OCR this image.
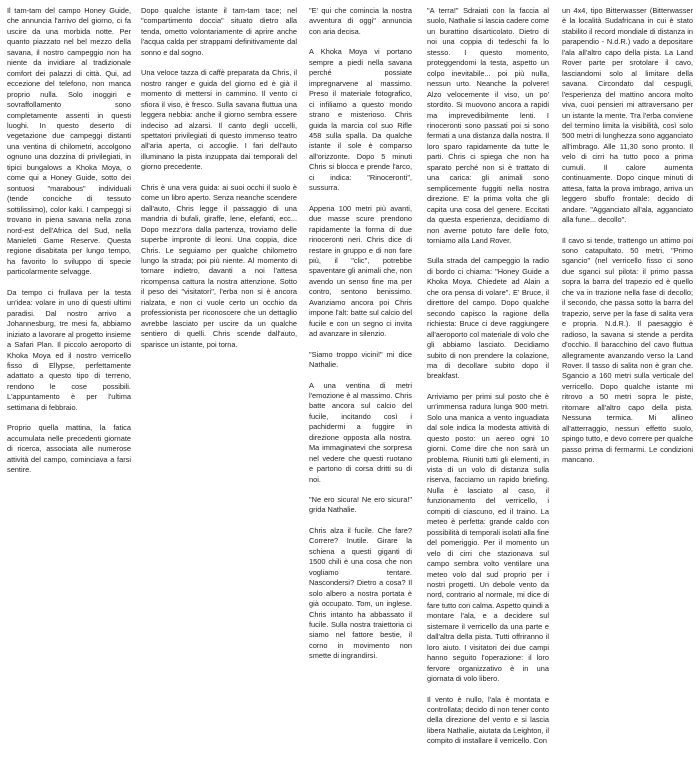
Il tam-tam del campo Honey Guide, che annuncia l'arrivo del giorno, ci fa uscire da una morbida notte. Per quanto piazzato nel bel mezzo della savana, il nostro campeggio non ha niente da invidiare al tradizionale comfort dei palazzi di città. Qui, ad eccezione del telefono, non manca proprio nulla. Solo inoggiri e sovraffollamento sono completamente assenti in questi luoghi. In questo deserto di vegetazione due campeggi distanti una ventina di chilometri, accolgono ognuno una dozzina di privilegiati, in tipici bungalows a Khoka Moya, o come qui a Honey Guide, sotto dei sontuosi "marabous" individuali (tende conciche di tessuto sottilissimo), color kaki. I campeggi si trovano in piena savana nella zona nord-est dell'Africa del Sud, nella Manieleti Game Reserve. Questa regione disabitata per lungo tempo, ha favorito lo sviluppo di specie particolarmente selvagge.

Da tempo ci frullava per la testa un'idea: volare in uno di questi ultimi paradisi. Dal nostro arrivo a Johannesburg, tre mesi fa, abbiamo iniziato a lavorare al progetto insieme a Safari Plan. Il piccolo aeroporto di Khoka Moya ed il nostro verricello fisso di Ellypse, perfettamente adattato a questo tipo di terreno, rendono le cose possibili. L'appuntamento è per l'ultima settimana di febbraio.

Proprio quella mattina, la fatica accumulata nelle precedenti giornate di ricerca, associata alle numerose attività del campo, cominciava a farsi sentire.

Dopo qualche istante il tam-tam tace; nel "compartimento doccia" situato dietro alla tenda, ometto volontariamente di aprire anche l'acqua calda per strappami definitivamente dal sonno e dal sogno.

Una veloce tazza di caffè preparata da Chris, il nostro ranger e guida del giorno ed è già il momento di mettersi in cammino. Il vento ci sfiora il viso, è fresco. Sulla savana fluttua una leggera nebbia: anche il giorno sembra essere indeciso ad alzarsi. Il canto degli uccelli, spettatori privilegiati di questo immenso teatro all'aria aperta, ci accoglie. I fari dell'auto illuminano la pista inzuppata dai temporali del giorno precedente.

Chris è una vera guida: ai suoi occhi il suolo è come un libro aperto. Senza neanche scendere dall'auto, Chris legge il passaggio di una mandria di bufali, giraffe, lene, elefanti, ecc... Dopo mezz'ora dalla partenza, troviamo delle superbe impronte di leoni. Una coppia, dice Chris. Le seguiamo per qualche chilometro lungo la strada; poi più niente. Al momento di tornare indietro, davanti a noi l'attesa ricompensa cattura la nostra attenzione. Sotto il peso dei "visitatori", l'erba non si è ancora rialzata, e non ci vuole certo un occhio da professionista per riconoscere che un dettaglio avrebbe lasciato per uscire da un qualche sentiero di quelli. Chris scende dall'auto, sparisce un istante, poi torna.

"E' qui che comincia la nostra avventura di oggi" annuncia con aria decisa.

A Khoka Moya vi portano sempre a piedi nella savana perché possiate impregnarvene al massimo. Preso il materiale fotografico, ci infiliamo a questo mondo strano e misterioso. Chris guida la marcia col suo Rifle 458 sulla spalla. Da qualche istante il sole è comparso all'orizzonte. Dopo 5 minuti Chris si blocca e prende l'arco, ci indica: "Rinoceronti", sussurra.

Appena 100 metri più avanti, due masse scure prendono rapidamente la forma di due rinoceronti neri. Chris dice di restare in gruppo e di non fare più, il "clic", potrebbe spaventare gli animali che, non avendo un senso fine ma per contro, sentono benissimo. Avanziamo ancora poi Chris impone l'alt: batte sul calcio del fucile e con un segno ci invita ad avanzare in silenzio.

"Siamo troppo vicini!" mi dice Nathalie.

A una ventina di metri l'emozione è al massimo. Chris batte ancora sul calcio del fucile, incitando così i pachidermi a fuggire in direzione opposta alla nostra. Ma immaginatevi che sorpresa nel vedere che questi ruotano e partono di corsa dritti su di noi.

"Ne ero sicura! Ne ero sicura!" grida Nathalie.

Chris alza il fucile. Che fare? Correre? Inutile. Girare la schiena a questi giganti di 1500 chili è una cosa che non vogliamo tentare. Nascondersi? Dietro a cosa? Il solo albero a nostra portata è già occupato. Tom, un inglese. Chris intanto ha abbassato il fucile. Sulla nostra traiettoria ci siamo nel fattore bestie, il corno in movimento non smette di ingrandirsi.

"A terra!" Sdraiati con la faccia al suolo, Nathalie si lascia cadere come un burattino disarticolato. Dietro di noi una coppia di tedeschi fa lo stesso. I questo momento, proteggendomi la testa, aspetto un colpo inevitabile... poi più nulla, nessun urto. Neanche la polvere! Alzo velocemente il viso, un po' stordito. Si muovono ancora a rapidi ma imprevedibilmente lenti. I rinoceronti sono passati poi si sono fermati a una distanza dalla nostra. Il loro sparo rapidamente da tutte le parti. Chris ci spiega che non ha sparato perché non si è trattato di una carica: gli animali sono semplicemente fuggiti nella nostra direzione. E' la prima volta che gli capita una cosa del genere. Eccitati da questa esperienza, decidiamo di non averne potuto fare delle foto, torniamo alla Land Rover.

Sulla strada del campeggio la radio di bordo ci chiama: "Honey Guide a Khoka Moya. Chiedete ad Alain a che ora pensa di volare". E' Bruce, il direttore del campo. Dopo qualche secondo capisco la ragione della richiesta: Bruce ci deve raggiungere all'aeroporto col materiale di volo che gli abbiamo lasciato. Decidiamo subito di non prendere la colazione, ma di decollare subito dopo il breakfast.

Arriviamo per primi sul posto che è un'immensa radura lunga 900 metri. Solo una manica a vento inguadiata dal sole indica la modesta attività di questo posto: un aereo ogni 10 giorni. Come dire che non sarà un problema. Riuniti tutti gli elementi, in vista di un volo di distanza sulla riserva, facciamo un rapido briefing. Nulla è lasciato al caso, il funzionamento del verricello, i compiti di ciascuno, ed il traino. La meteo è perfetta: grande caldo con possibilità di temporali isolati alla fine del pomeriggio. Per il momento un velo di cirri che stazionava sul campo sembra volto ventilare una meteo volo dal sud proprio per i nostri progetti. Un debole vento da nord, contrario al normale, mi dice di fare tutto con calma. Aspetto quindi a montare l'ala, e a decidere sul sistemare il verricello da una parte e dall'altra della pista. Tutti offriranno il loro aiuto. I visitatori dei due campi hanno seguito l'operazione: il loro fervore organizzativo è in una giornata di volo libero.

Il vento è nullo, l'ala è montata e controllata; decido di non tener conto della direzione del vento e si lascia libera Nathalie, aiutata da Leighton, il compito di installare il verricello. Con

un 4x4, tipo Bitterwasser (Bitterwasser è la località Sudafricana in cui è stato stabilito il record mondiale di distanza in parapendio - N.d.R.) vado a depositare l'ala all'altro capo della pista. La Land Rover parte per srotolare il cavo, lasciandomi solo al limitare della savana. Circondato dal cespugli, l'esperienza del mattino ancora molto viva, cuoi pensieri mi attraversano per un istante la mente. Tra l'erba conviene del termino limita la visibilità, così solo 500 metri di lunghezza sono agganciato all'imbrago. Alle 11,30 sono pronto. Il velo di cirri ha tutto poco a prima cumuli. Il calore aumenta continuamente. Dopo cinque minuti di attesa, fatta la prova imbrago, arriva un leggero sbuffo frontale: decido di andare. "Agganciato all'ala, agganciato alla fune... decollo".

Il cavo si tende, trattengo un attimo poi sono catapultato. 50 metri, "Primo sgancio" (nel verricello fisso ci sono due sganci sul pilota: il primo passa sopra la barra del trapezio ed è quello che va in trazione nella fase di decollo; il secondo, che passa sotto la barra del trapezio, serve per la fase di salita vera e propria. N.d.R.). Il paesaggio è radioso, la savana si stende a perdita d'occhio. Il baracchino del cavo fluttua allegramente avanzando verso la Land Rover. Il tasso di salita non è gran che. Sgancio a 160 metri sulla verticale del verricello. Dopo qualche istante mi ritrovo a 50 metri sopra le piste, ritornare all'altro capo della pista. Nessuna termica. Mi allineo all'atterraggio, nessun effetto suolo, spingo tutto, e devo correre per qualche passo prima di fermarmi. Le condizioni mancano.
